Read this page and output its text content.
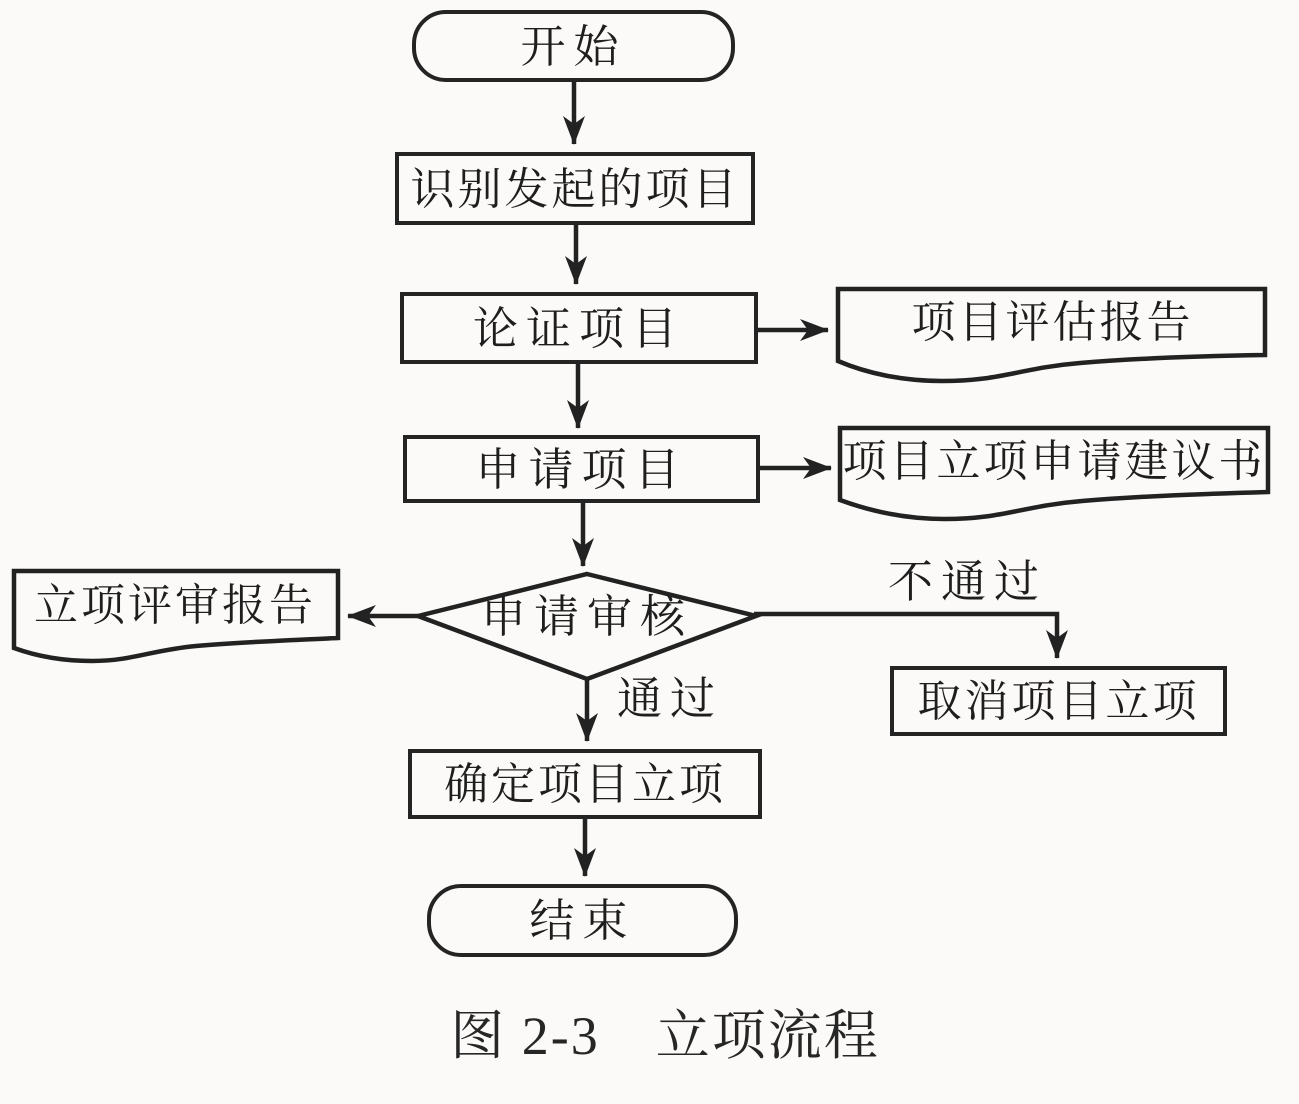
开始
识别发起的项目
论证项目
申请项目
取消项目立项
确定项目立项
结束
申请审核
项目评估报告
项目立项申请建议书
立项评审报告	不通过
通过
图 2-3　立项流程
